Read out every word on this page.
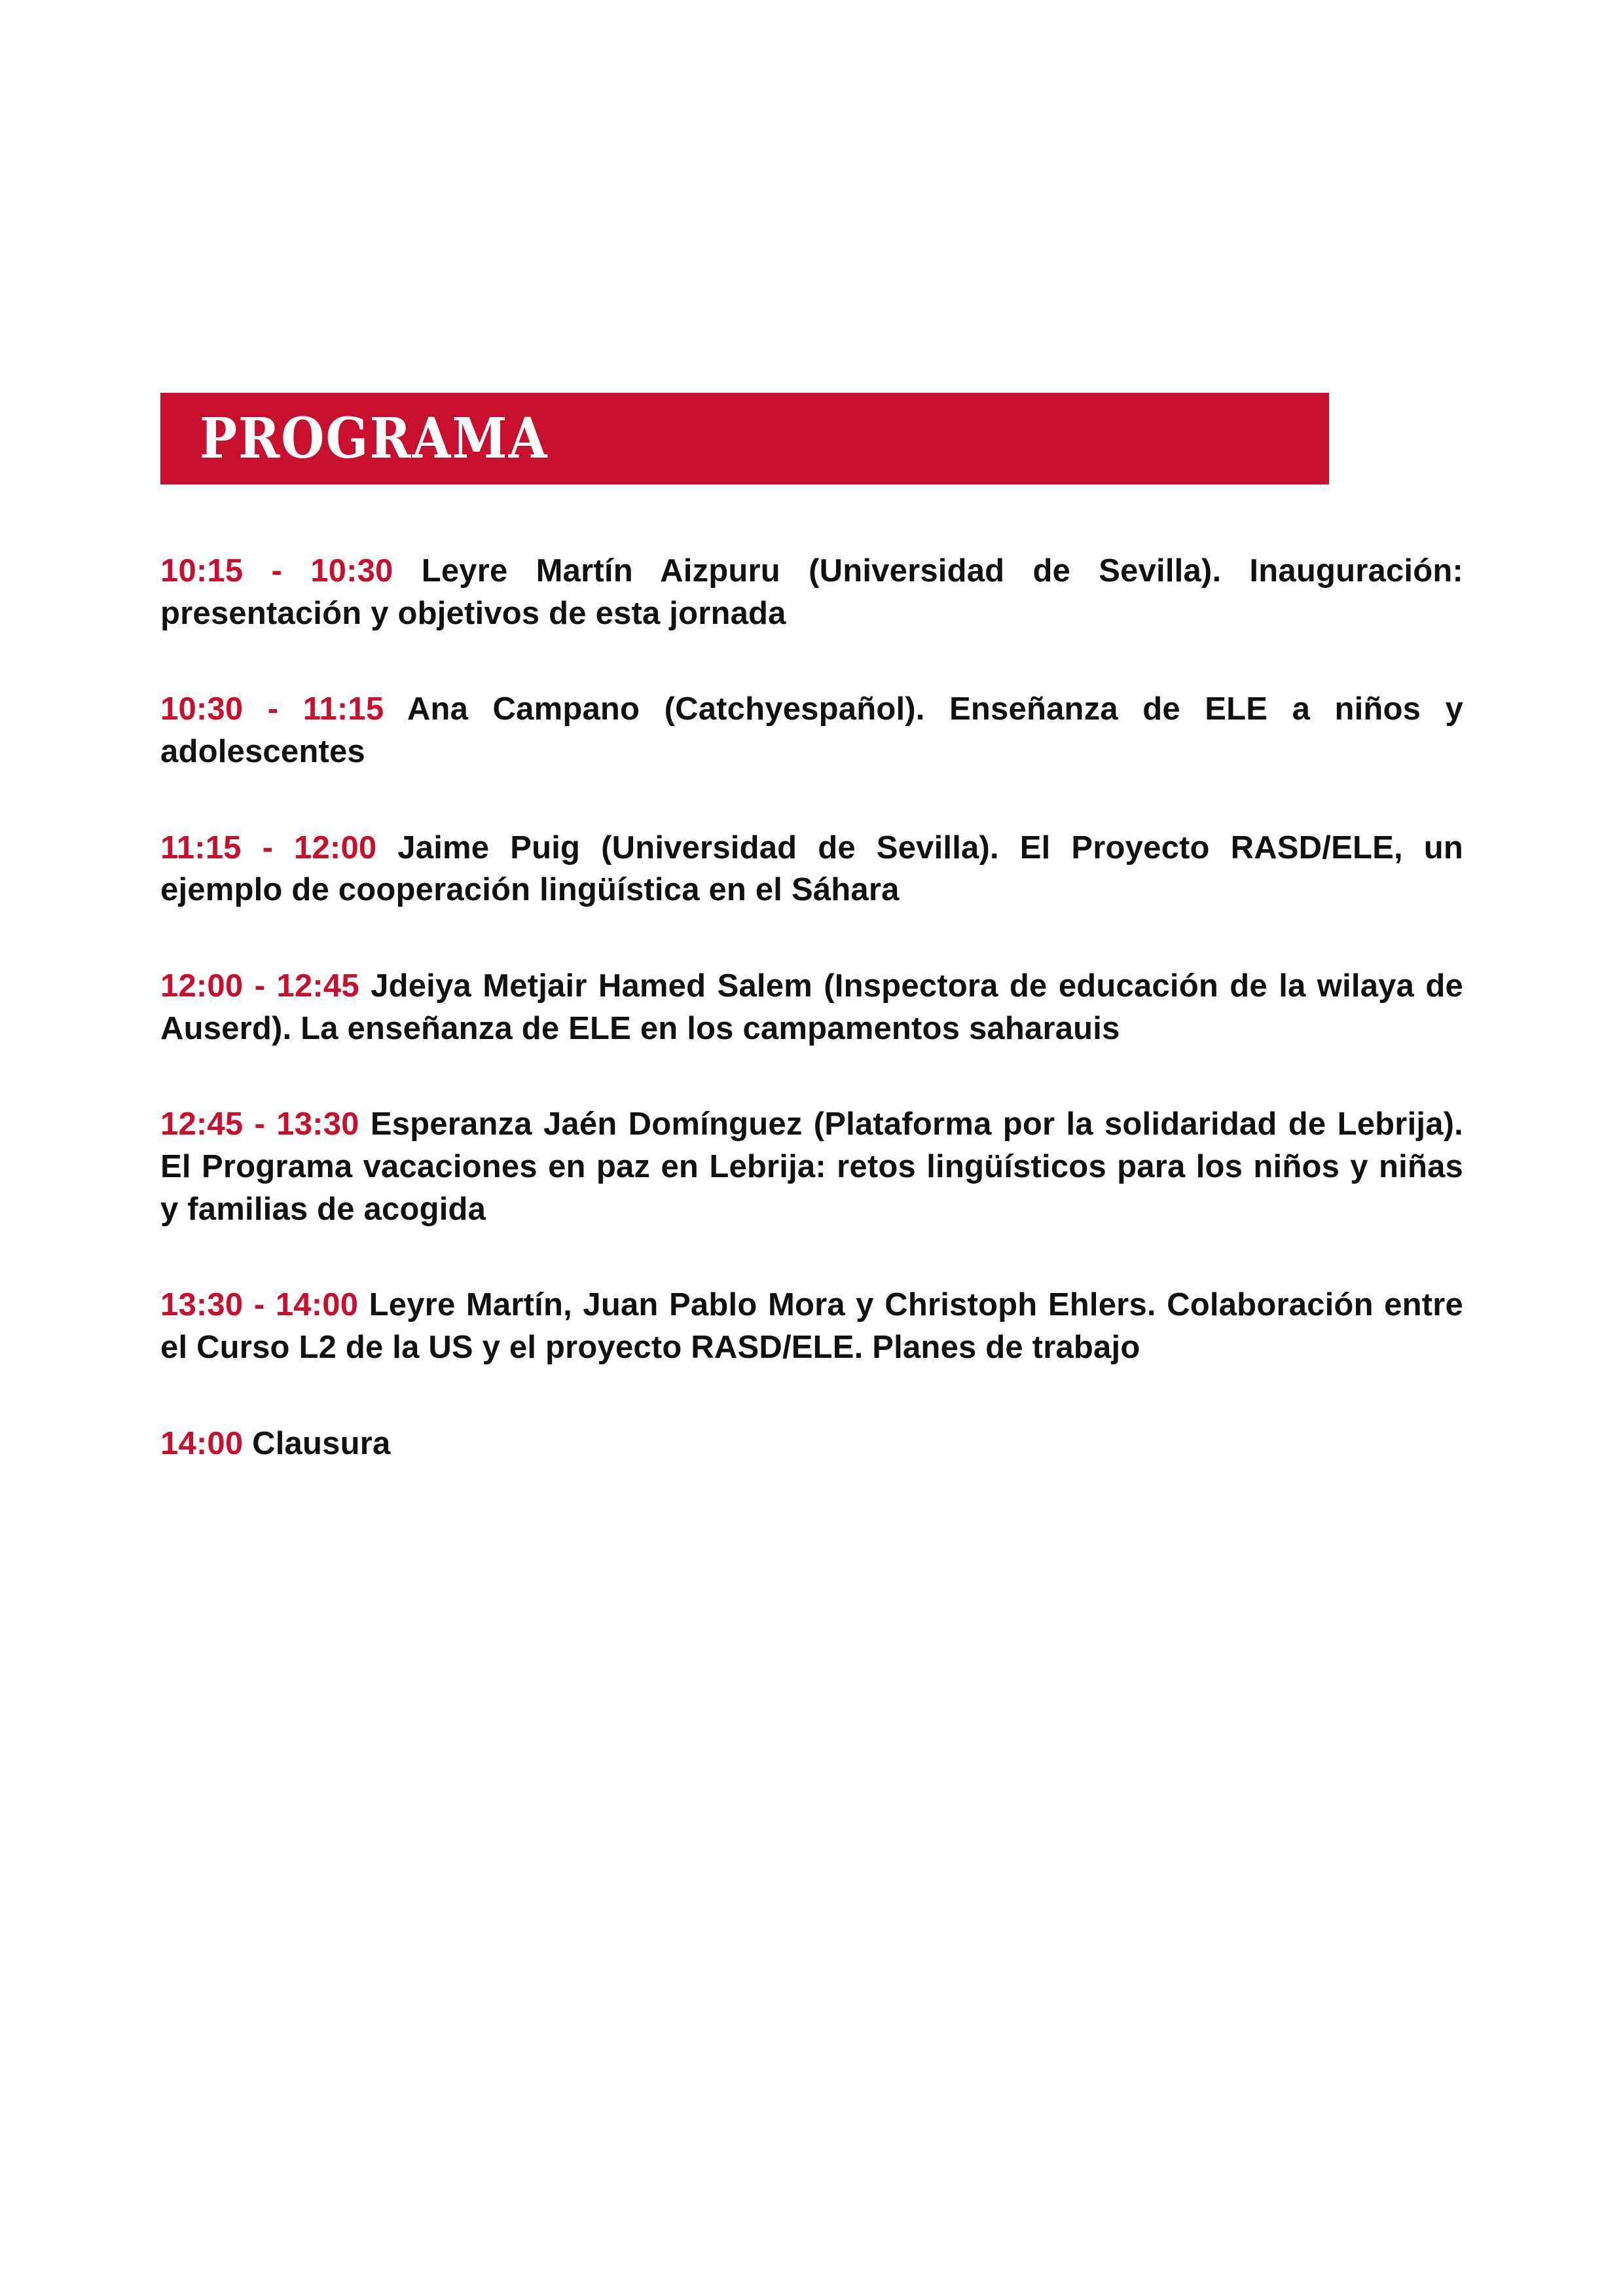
PROGRAMA

10:15 - 10:30 Leyre Martín Aizpuru (Universidad de Sevilla). Inauguración: presentación y objetivos de esta jornada

10:30 - 11:15 Ana Campano (Catchyespañol). Enseñanza de ELE a niños y adolescentes

11:15 - 12:00 Jaime Puig (Universidad de Sevilla). El Proyecto RASD/ELE, un ejemplo de cooperación lingüística en el Sáhara

12:00 - 12:45 Jdeiya Metjair Hamed Salem (Inspectora de educación de la wilaya de Auserd). La enseñanza de ELE en los campamentos saharauis

12:45 - 13:30 Esperanza Jaén Domínguez (Plataforma por la solidaridad de Lebrija). El Programa vacaciones en paz en Lebrija: retos lingüísticos para los niños y niñas y familias de acogida

13:30 - 14:00 Leyre Martín, Juan Pablo Mora y Christoph Ehlers. Colaboración entre el Curso L2 de la US y el proyecto RASD/ELE. Planes de trabajo

14:00 Clausura
